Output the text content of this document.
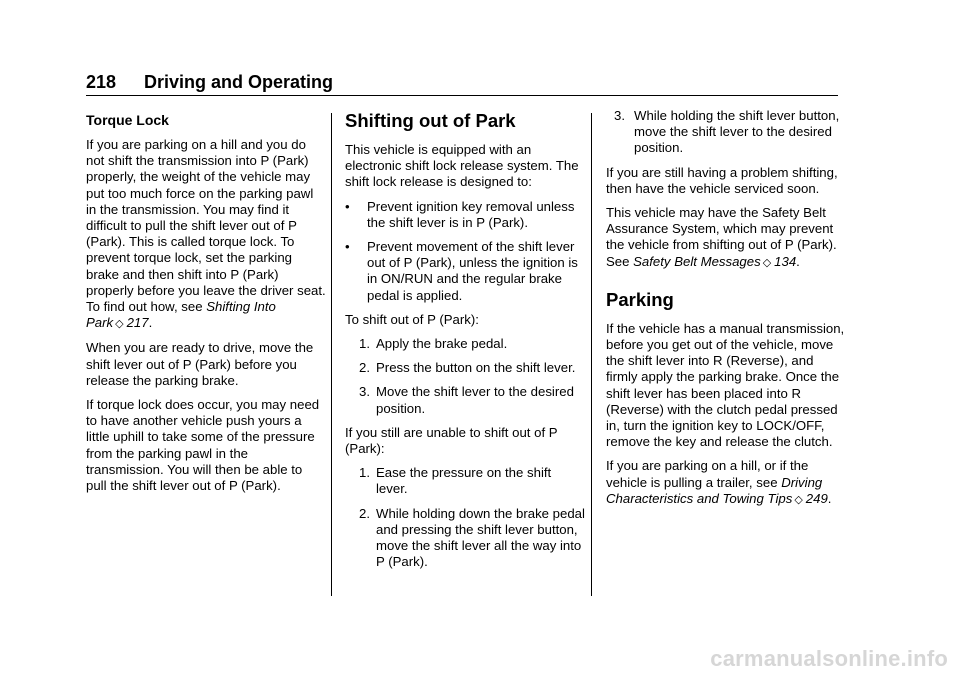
218 Driving and Operating
Torque Lock

If you are parking on a hill and you do not shift the transmission into P (Park) properly, the weight of the vehicle may put too much force on the parking pawl in the transmission. You may find it difficult to pull the shift lever out of P (Park). This is called torque lock. To prevent torque lock, set the parking brake and then shift into P (Park) properly before you leave the driver seat. To find out how, see Shifting Into Park ◇ 217.

When you are ready to drive, move the shift lever out of P (Park) before you release the parking brake.

If torque lock does occur, you may need to have another vehicle push yours a little uphill to take some of the pressure from the parking pawl in the transmission. You will then be able to pull the shift lever out of P (Park).

Shifting out of Park

This vehicle is equipped with an electronic shift lock release system. The shift lock release is designed to:

•	Prevent ignition key removal unless the shift lever is in P (Park).
•	Prevent movement of the shift lever out of P (Park), unless the ignition is in ON/RUN and the regular brake pedal is applied.

To shift out of P (Park):

1. Apply the brake pedal.
2. Press the button on the shift lever.
3. Move the shift lever to the desired position.

If you still are unable to shift out of P (Park):

1. Ease the pressure on the shift lever.
2. While holding down the brake pedal and pressing the shift lever button, move the shift lever all the way into P (Park).
3. While holding the shift lever button, move the shift lever to the desired position.

If you are still having a problem shifting, then have the vehicle serviced soon.

This vehicle may have the Safety Belt Assurance System, which may prevent the vehicle from shifting out of P (Park). See Safety Belt Messages ◇ 134.

Parking

If the vehicle has a manual transmission, before you get out of the vehicle, move the shift lever into R (Reverse), and firmly apply the parking brake. Once the shift lever has been placed into R (Reverse) with the clutch pedal pressed in, turn the ignition key to LOCK/OFF, remove the key and release the clutch.

If you are parking on a hill, or if the vehicle is pulling a trailer, see Driving Characteristics and Towing Tips ◇ 249.

carmanualsonline.info
